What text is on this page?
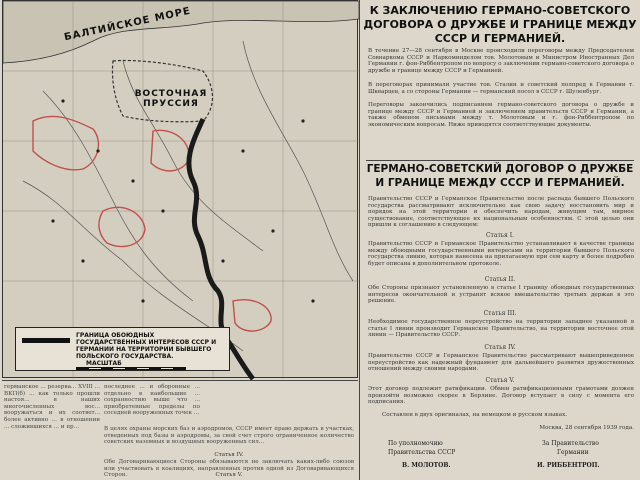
БАЛТИЙСКОЕ МОРЕ
ВОСТОЧНАЯ ПРУССИЯ
ГРАНИЦА ОБОЮДНЫХ ГОСУДАРСТВЕННЫХ ИНТЕРЕСОВ СССР И ГЕРМАНИИ НА ТЕРРИТОРИИ БЫВШЕГО ПОЛЬСКОГО ГОСУДАРСТВА.
МАСШТАБ
К ЗАКЛЮЧЕНИЮ ГЕРМАНО-СОВЕТСКОГО ДОГОВОРА О ДРУЖБЕ И ГРАНИЦЕ МЕЖДУ СССР И ГЕРМАНИЕЙ.
В течение 27—28 сентября в Москве происходили переговоры между Председателем Совнаркома СССР и Наркоминделом тов. Молотовым и Министром Иностранных Дел Германии г. фон-Риббентропом по вопросу о заключении германо-советского договора о дружбе и границе между СССР и Германией.
В переговорах принимали участие тов. Сталин и советский полпред в Германии т. Шкварцев, а со стороны Германии — германский посол в СССР г. Шуленбург.
Переговоры закончились подписанием германо-советского договора о дружбе и границе между СССР и Германией и заключением правительств СССР и Германии, а также обменом письмами между т. Молотовым и г. фон-Риббентропом по экономическим вопросам. Ниже приводятся соответствующие документы.
ГЕРМАНО-СОВЕТСКИЙ ДОГОВОР О ДРУЖБЕ И ГРАНИЦЕ МЕЖДУ СССР И ГЕРМАНИЕЙ.
Правительство СССР и Германское Правительство после распада бывшего Польского государства рассматривают исключительно как свою задачу восстановить мир и порядок на этой территории и обеспечить народам, живущим там, мирное существование, соответствующее их национальным особенностям. С этой целью они пришли к соглашению в следующем:
Статья I.
Правительство СССР и Германское Правительство устанавливают в качестве границы между обоюдными государственными интересами на территории бывшего Польского государства линию, которая нанесена на прилагаемую при сем карту и более подробно будет описана в дополнительном протоколе.
Статья II.
Обе Стороны признают установленную в статье I границу обоюдных государственных интересов окончательной и устранят всякое вмешательство третьих держав в это решение.
Статья III.
Необходимое государственное переустройство на территории западнее указанной в статье I линии производит Германское Правительство, на территории восточнее этой линии — Правительство СССР.
Статья IV.
Правительство СССР и Германское Правительство рассматривают вышеприведенное переустройство как надежный фундамент для дальнейшего развития дружественных отношений между своими народами.
Статья V.
Этот договор подлежит ратификации. Обмен ратификационными грамотами должен произойти возможно скорее в Берлине. Договор вступает в силу с момента его подписания.
Составлен в двух оригиналах, на немецком и русском языках.
Москва, 28 сентября 1939 года.
По уполномочию
Правительства СССР
В. МОЛОТОВ.
За Правительство
Германии
И. РИББЕНТРОП.
германское ... резерва... XVIII ... ВКП(б) ... как только прошли настоя... в наших многочисленных вос... вооружатъся и их соответ... более активно ... в отношении ... сложившихся ... и пр...
последнее ... и оборонные ... отдельно в наибольшие ... сохранностию выше что ... приобретенные пределы по соседней вооруженных точек ...
В целях охраны морских баз и аэродромов, СССР имеет право держать в участках, отведенных под базы и аэродромы, за свой счет строго ограниченное количество советских наземных и воздушных вооруженных сил...
Статья IV.
Обе Договаривающиеся Стороны обязываются не заключать каких-либо союзов или участвовать в коалициях, направленных против одной из Договаривающихся Сторон.	Статья V.
